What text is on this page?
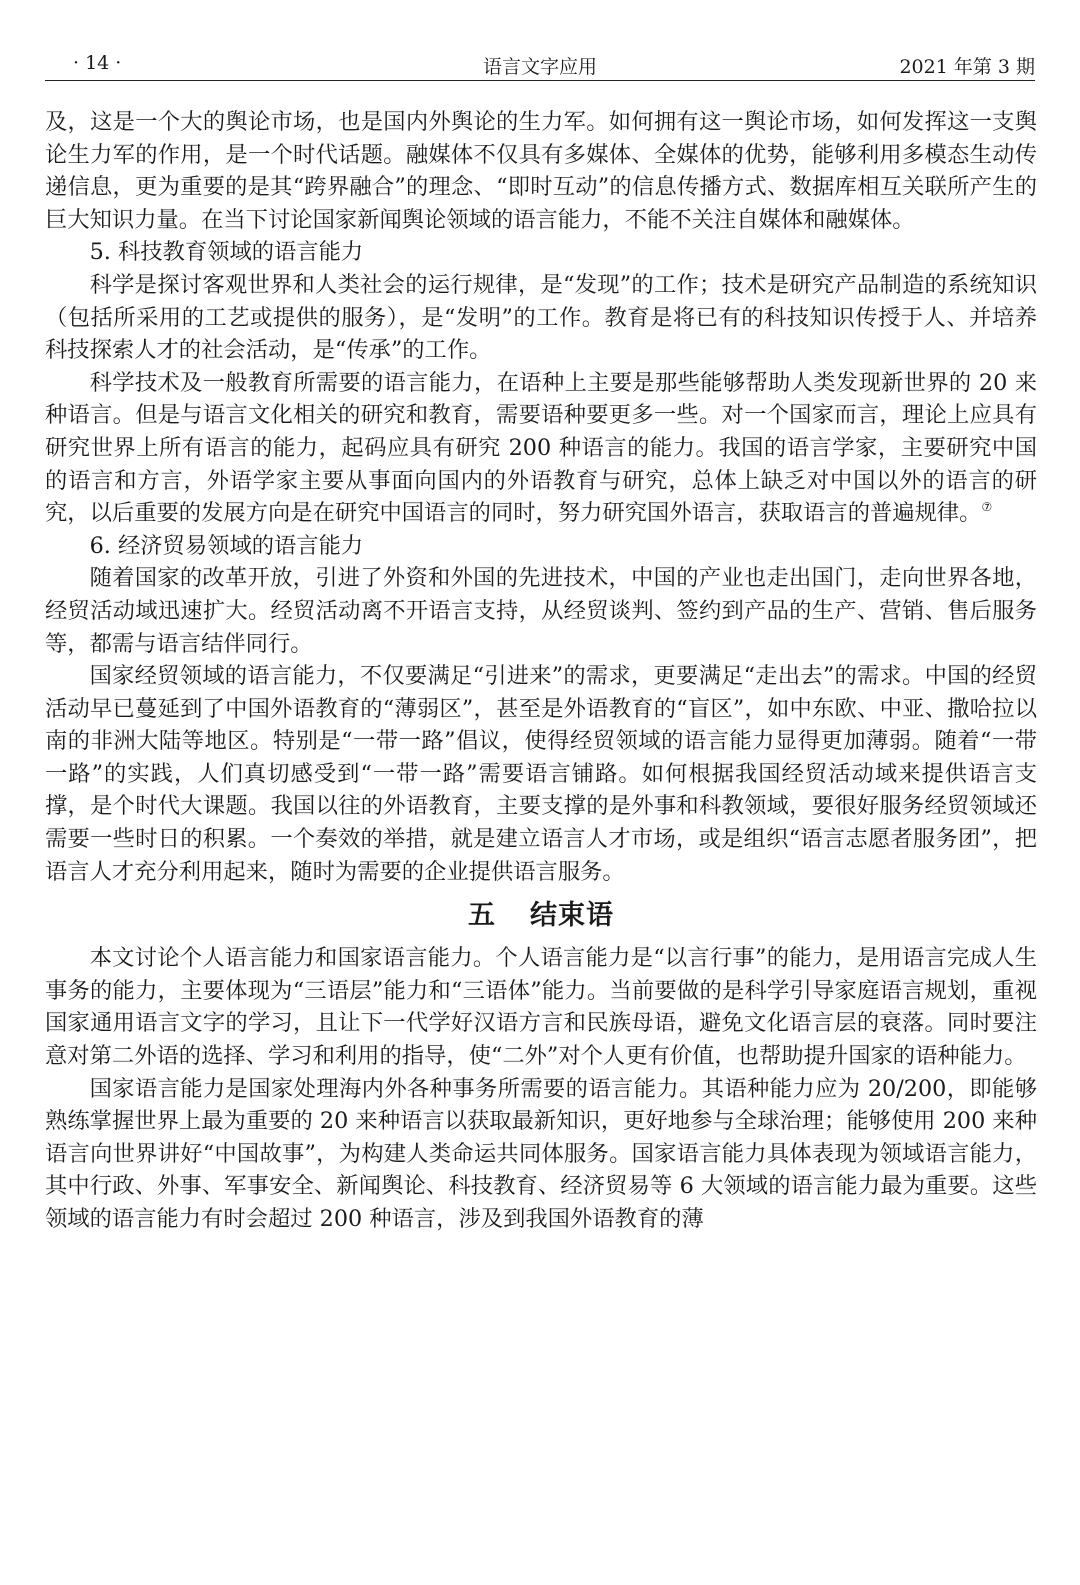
· 14 ·	语言文字应用	2021 年第 3 期

及，这是一个大的舆论市场，也是国内外舆论的生力军。如何拥有这一舆论市场，如何发挥这一支舆论生力军的作用，是一个时代话题。融媒体不仅具有多媒体、全媒体的优势，能够利用多模态生动传递信息，更为重要的是其“跨界融合”的理念、“即时互动”的信息传播方式、数据库相互关联所产生的巨大知识力量。在当下讨论国家新闻舆论领域的语言能力，不能不关注自媒体和融媒体。

5. 科技教育领域的语言能力

科学是探讨客观世界和人类社会的运行规律，是“发现”的工作；技术是研究产品制造的系统知识（包括所采用的工艺或提供的服务），是“发明”的工作。教育是将已有的科技知识传授于人、并培养科技探索人才的社会活动，是“传承”的工作。

科学技术及一般教育所需要的语言能力，在语种上主要是那些能够帮助人类发现新世界的 20 来种语言。但是与语言文化相关的研究和教育，需要语种要更多一些。对一个国家而言，理论上应具有研究世界上所有语言的能力，起码应具有研究 200 种语言的能力。我国的语言学家，主要研究中国的语言和方言，外语学家主要从事面向国内的外语教育与研究，总体上缺乏对中国以外的语言的研究，以后重要的发展方向是在研究中国语言的同时，努力研究国外语言，获取语言的普遍规律。⑦

6. 经济贸易领域的语言能力

随着国家的改革开放，引进了外资和外国的先进技术，中国的产业也走出国门，走向世界各地，经贸活动域迅速扩大。经贸活动离不开语言支持，从经贸谈判、签约到产品的生产、营销、售后服务等，都需与语言结伴同行。

国家经贸领域的语言能力，不仅要满足“引进来”的需求，更要满足“走出去”的需求。中国的经贸活动早已蔓延到了中国外语教育的“薄弱区”，甚至是外语教育的“盲区”，如中东欧、中亚、撒哈拉以南的非洲大陆等地区。特别是“一带一路”倡议，使得经贸领域的语言能力显得更加薄弱。随着“一带一路”的实践，人们真切感受到“一带一路”需要语言铺路。如何根据我国经贸活动域来提供语言支撑，是个时代大课题。我国以往的外语教育，主要支撑的是外事和科教领域，要很好服务经贸领域还需要一些时日的积累。一个奏效的举措，就是建立语言人才市场，或是组织“语言志愿者服务团”，把语言人才充分利用起来，随时为需要的企业提供语言服务。

五 结束语

本文讨论个人语言能力和国家语言能力。个人语言能力是“以言行事”的能力，是用语言完成人生事务的能力，主要体现为“三语层”能力和“三语体”能力。当前要做的是科学引导家庭语言规划，重视国家通用语言文字的学习，且让下一代学好汉语方言和民族母语，避免文化语言层的衰落。同时要注意对第二外语的选择、学习和利用的指导，使“二外”对个人更有价值，也帮助提升国家的语种能力。

国家语言能力是国家处理海内外各种事务所需要的语言能力。其语种能力应为 20/200，即能够熟练掌握世界上最为重要的 20 来种语言以获取最新知识，更好地参与全球治理；能够使用 200 来种语言向世界讲好“中国故事”，为构建人类命运共同体服务。国家语言能力具体表现为领域语言能力，其中行政、外事、军事安全、新闻舆论、科技教育、经济贸易等 6 大领域的语言能力最为重要。这些领域的语言能力有时会超过 200 种语言，涉及到我国外语教育的薄
